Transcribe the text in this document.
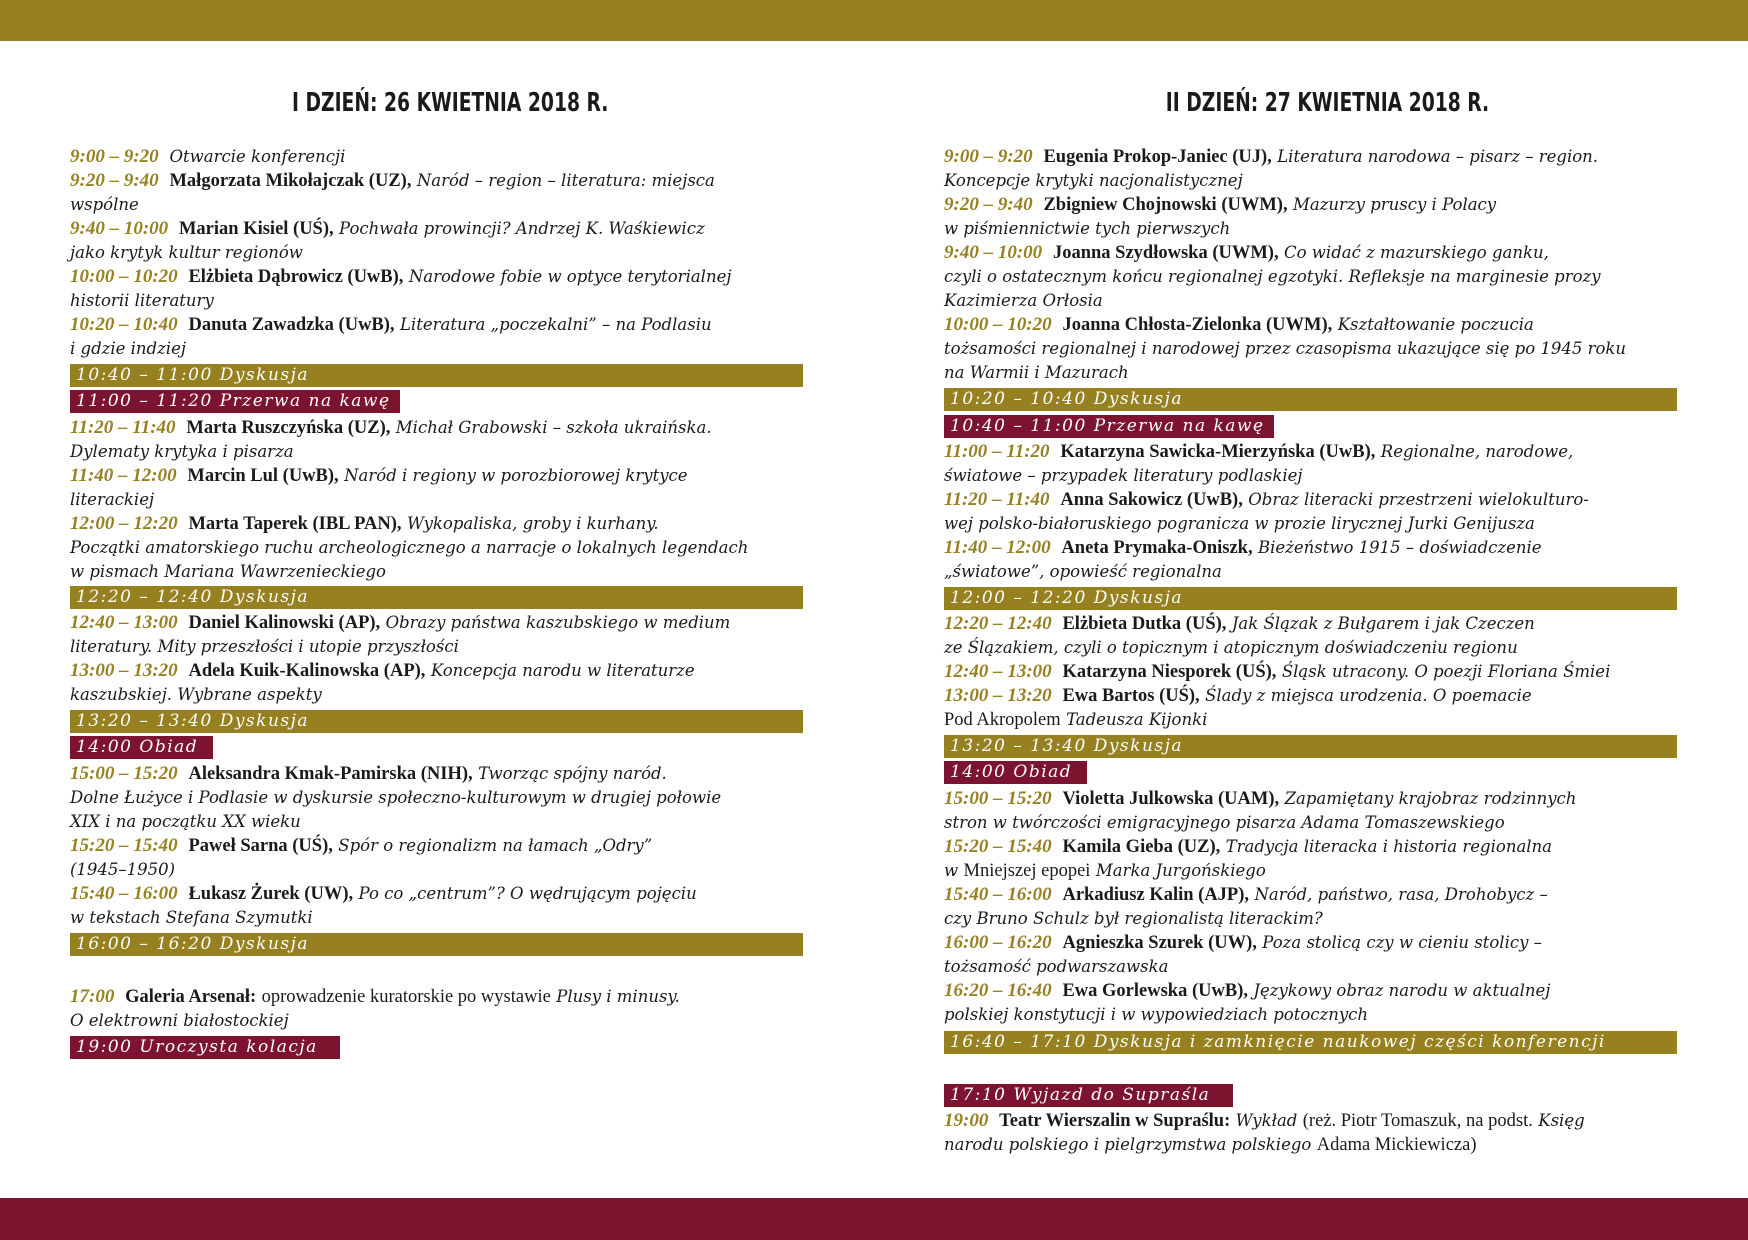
I DZIEŃ: 26 KWIETNIA 2018 R.
9:00 – 9:20 Otwarcie konferencji
9:20 – 9:40 Małgorzata Mikołajczak (UZ), Naród – region – literatura: miejsca
wspólne
9:40 – 10:00 Marian Kisiel (UŚ), Pochwała prowincji? Andrzej K. Waśkiewicz
jako krytyk kultur regionów
10:00 – 10:20 Elżbieta Dąbrowicz (UwB), Narodowe fobie w optyce terytorialnej
historii literatury
10:20 – 10:40 Danuta Zawadzka (UwB), Literatura „poczekalni” – na Podlasiu
i gdzie indziej
10:40 – 11:00 Dyskusja
11:00 – 11:20 Przerwa na kawę
11:20 – 11:40 Marta Ruszczyńska (UZ), Michał Grabowski – szkoła ukraińska.
Dylematy krytyka i pisarza
11:40 – 12:00 Marcin Lul (UwB), Naród i regiony w porozbiorowej krytyce
literackiej
12:00 – 12:20 Marta Taperek (IBL PAN), Wykopaliska, groby i kurhany.
Początki amatorskiego ruchu archeologicznego a narracje o lokalnych legendach
w pismach Mariana Wawrzenieckiego
12:20 – 12:40 Dyskusja
12:40 – 13:00 Daniel Kalinowski (AP), Obrazy państwa kaszubskiego w medium
literatury. Mity przeszłości i utopie przyszłości
13:00 – 13:20 Adela Kuik-Kalinowska (AP), Koncepcja narodu w literaturze
kaszubskiej. Wybrane aspekty
13:20 – 13:40 Dyskusja
14:00 Obiad
15:00 – 15:20 Aleksandra Kmak-Pamirska (NIH), Tworząc spójny naród.
Dolne Łużyce i Podlasie w dyskursie społeczno-kulturowym w drugiej połowie
XIX i na początku XX wieku
15:20 – 15:40 Paweł Sarna (UŚ), Spór o regionalizm na łamach „Odry”
(1945–1950)
15:40 – 16:00 Łukasz Żurek (UW), Po co „centrum”? O wędrującym pojęciu
w tekstach Stefana Szymutki
16:00 – 16:20 Dyskusja
17:00 Galeria Arsenał: oprowadzenie kuratorskie po wystawie Plusy i minusy.
O elektrowni białostockiej
19:00 Uroczysta kolacja
II DZIEŃ: 27 KWIETNIA 2018 R.
9:00 – 9:20 Eugenia Prokop-Janiec (UJ), Literatura narodowa – pisarz – region.
Koncepcje krytyki nacjonalistycznej
9:20 – 9:40 Zbigniew Chojnowski (UWM), Mazurzy pruscy i Polacy
w piśmiennictwie tych pierwszych
9:40 – 10:00 Joanna Szydłowska (UWM), Co widać z mazurskiego ganku,
czyli o ostatecznym końcu regionalnej egzotyki. Refleksje na marginesie prozy
Kazimierza Orłosia
10:00 – 10:20 Joanna Chłosta-Zielonka (UWM), Kształtowanie poczucia
tożsamości regionalnej i narodowej przez czasopisma ukazujące się po 1945 roku
na Warmii i Mazurach
10:20 – 10:40 Dyskusja
10:40 – 11:00 Przerwa na kawę
11:00 – 11:20 Katarzyna Sawicka-Mierzyńska (UwB), Regionalne, narodowe,
światowe – przypadek literatury podlaskiej
11:20 – 11:40 Anna Sakowicz (UwB), Obraz literacki przestrzeni wielokulturo-
wej polsko-białoruskiego pogranicza w prozie lirycznej Jurki Genijusza
11:40 – 12:00 Aneta Prymaka-Oniszk, Bieżeństwo 1915 – doświadczenie
„światowe”, opowieść regionalna
12:00 – 12:20 Dyskusja
12:20 – 12:40 Elżbieta Dutka (UŚ), Jak Ślązak z Bułgarem i jak Czeczen
ze Ślązakiem, czyli o topicznym i atopicznym doświadczeniu regionu
12:40 – 13:00 Katarzyna Niesporek (UŚ), Śląsk utracony. O poezji Floriana Śmiei
13:00 – 13:20 Ewa Bartos (UŚ), Ślady z miejsca urodzenia. O poemacie
Pod Akropolem Tadeusza Kijonki
13:20 – 13:40 Dyskusja
14:00 Obiad
15:00 – 15:20 Violetta Julkowska (UAM), Zapamiętany krajobraz rodzinnych
stron w twórczości emigracyjnego pisarza Adama Tomaszewskiego
15:20 – 15:40 Kamila Gieba (UZ), Tradycja literacka i historia regionalna
w Mniejszej epopei Marka Jurgońskiego
15:40 – 16:00 Arkadiusz Kalin (AJP), Naród, państwo, rasa, Drohobycz –
czy Bruno Schulz był regionalistą literackim?
16:00 – 16:20 Agnieszka Szurek (UW), Poza stolicą czy w cieniu stolicy –
tożsamość podwarszawska
16:20 – 16:40 Ewa Gorlewska (UwB), Językowy obraz narodu w aktualnej
polskiej konstytucji i w wypowiedziach potocznych
16:40 – 17:10 Dyskusja i zamknięcie naukowej części konferencji
17:10 Wyjazd do Supraśla
19:00 Teatr Wierszalin w Supraślu: Wykład (reż. Piotr Tomaszuk, na podst. Księg
narodu polskiego i pielgrzymstwa polskiego Adama Mickiewicza)
